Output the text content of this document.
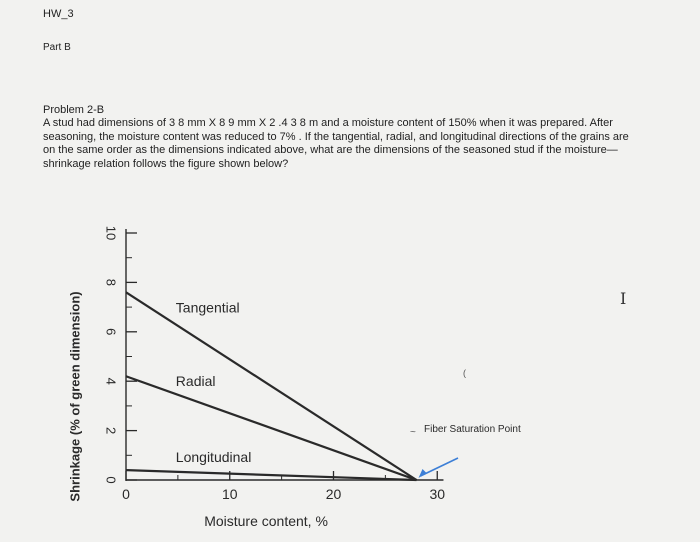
HW_3
Part B
Problem 2-B
A stud had dimensions of 3 8 mm X 8 9 mm X 2 .4 3 8 m and a moisture content of 150% when it was prepared. After seasoning, the moisture content was reduced to 7% . If the tangential, radial, and longitudinal directions of the grains are on the same order as the dimensions indicated above, what are the dimensions of the seasoned stud if the moisture—shrinkage relation follows the figure shown below?
0
2
4
6
8
10
0	10	20	30
Tangential
Radial
Longitudinal
Moisture content, %
Shrinkage (% of green dimension)	Fiber Saturation Point
~
I
(
